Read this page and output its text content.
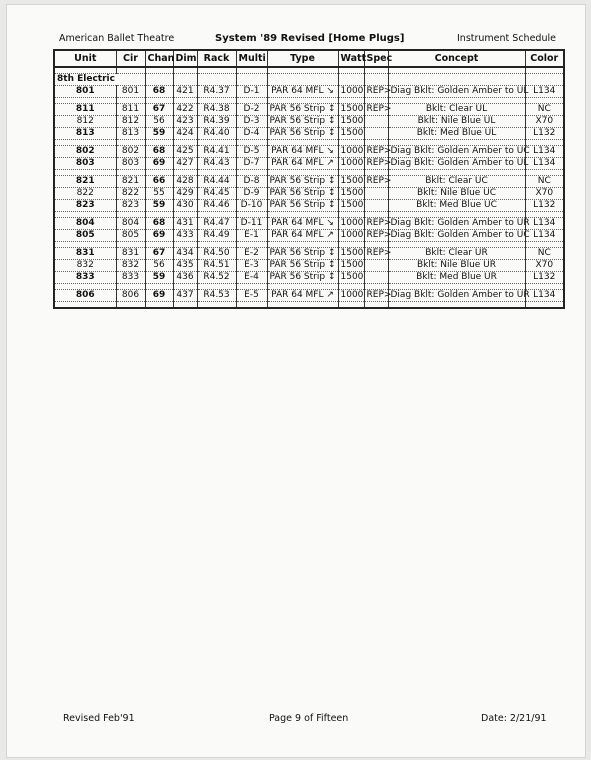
American Ballet Theatre	System '89 Revised [Home Plugs]	Instrument Schedule
Unit	Cir	Chan	Dim	Rack	Multi	Type	Watt	Spec	Concept	Color

8th Electric										
801	801	68	421	R4.37	D-1	PAR 64 MFL ↘	1000	REP>	Diag Bklt: Golden Amber to UL	L134

811	811	67	422	R4.38	D-2	PAR 56 Strip ↕	1500	REP>	Bklt: Clear UL	NC
812	812	56	423	R4.39	D-3	PAR 56 Strip ↕	1500		Bklt: Nile Blue UL	X70
813	813	59	424	R4.40	D-4	PAR 56 Strip ↕	1500		Bklt: Med Blue UL	L132

802	802	68	425	R4.41	D-5	PAR 64 MFL ↘	1000	REP>	Diag Bklt: Golden Amber to UC	L134
803	803	69	427	R4.43	D-7	PAR 64 MFL ↗	1000	REP>	Diag Bklt: Golden Amber to UL	L134

821	821	66	428	R4.44	D-8	PAR 56 Strip ↕	1500	REP>	Bklt: Clear UC	NC
822	822	55	429	R4.45	D-9	PAR 56 Strip ↕	1500		Bklt: Nile Blue UC	X70
823	823	59	430	R4.46	D-10	PAR 56 Strip ↕	1500		Bklt: Med Blue UC	L132

804	804	68	431	R4.47	D-11	PAR 64 MFL ↘	1000	REP>	Diag Bklt: Golden Amber to UR	L134
805	805	69	433	R4.49	E-1	PAR 64 MFL ↗	1000	REP>	Diag Bklt: Golden Amber to UC	L134

831	831	67	434	R4.50	E-2	PAR 56 Strip ↕	1500	REP>	Bklt: Clear UR	NC
832	832	56	435	R4.51	E-3	PAR 56 Strip ↕	1500		Bklt: Nile Blue UR	X70
833	833	59	436	R4.52	E-4	PAR 56 Strip ↕	1500		Bklt: Med Blue UR	L132

806	806	69	437	R4.53	E-5	PAR 64 MFL ↗	1000	REP>	Diag Bklt: Golden Amber to UR	L134

Revised Feb'91	Page 9 of Fifteen	Date: 2/21/91
